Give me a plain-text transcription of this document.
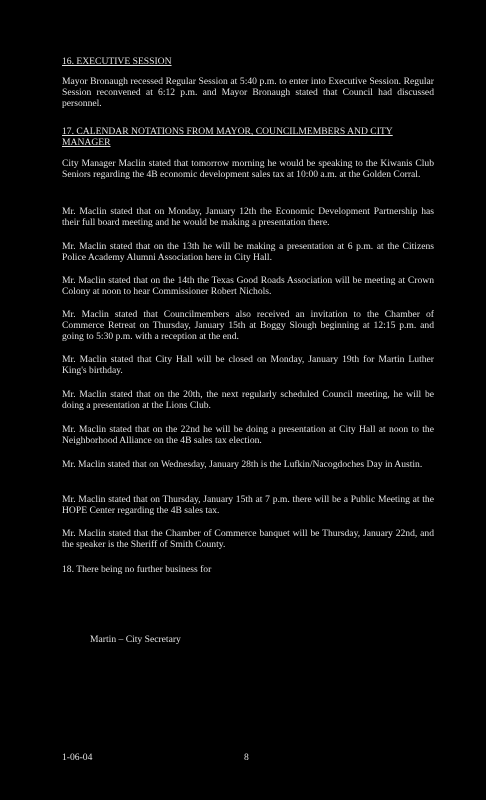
16. EXECUTIVE SESSION

Mayor Bronaugh recessed Regular Session at 5:40 p.m. to enter into Executive Session. Regular Session reconvened at 6:12 p.m. and Mayor Bronaugh stated that Council had discussed personnel.

17. CALENDAR NOTATIONS FROM MAYOR, COUNCILMEMBERS AND CITY MANAGER

City Manager Maclin stated that tomorrow morning he would be speaking to the Kiwanis Club Seniors regarding the 4B economic development sales tax at 10:00 a.m. at the Golden Corral.

Mr. Maclin stated that on Monday, January 12th the Economic Development Partnership has their full board meeting and he would be making a presentation there.

Mr. Maclin stated that on the 13th he will be making a presentation at 6 p.m. at the Citizens Police Academy Alumni Association here in City Hall.

Mr. Maclin stated that on the 14th the Texas Good Roads Association will be meeting at Crown Colony at noon to hear Commissioner Robert Nichols.

Mr. Maclin stated that Councilmembers also received an invitation to the Chamber of Commerce Retreat on Thursday, January 15th at Boggy Slough beginning at 12:15 p.m. and going to 5:30 p.m. with a reception at the end.

Mr. Maclin stated that City Hall will be closed on Monday, January 19th for Martin Luther King's birthday.

Mr. Maclin stated that on the 20th, the next regularly scheduled Council meeting, he will be doing a presentation at the Lions Club.

Mr. Maclin stated that on the 22nd he will be doing a presentation at City Hall at noon to the Neighborhood Alliance on the 4B sales tax election.

Mr. Maclin stated that on Wednesday, January 28th is the Lufkin/Nacogdoches Day in Austin.

Mr. Maclin stated that on Thursday, January 15th at 7 p.m. there will be a Public Meeting at the HOPE Center regarding the 4B sales tax.

Mr. Maclin stated that the Chamber of Commerce banquet will be Thursday, January 22nd, and the speaker is the Sheriff of Smith County.

18. There being no further business for

Martin – City Secretary

1-06-04	8
